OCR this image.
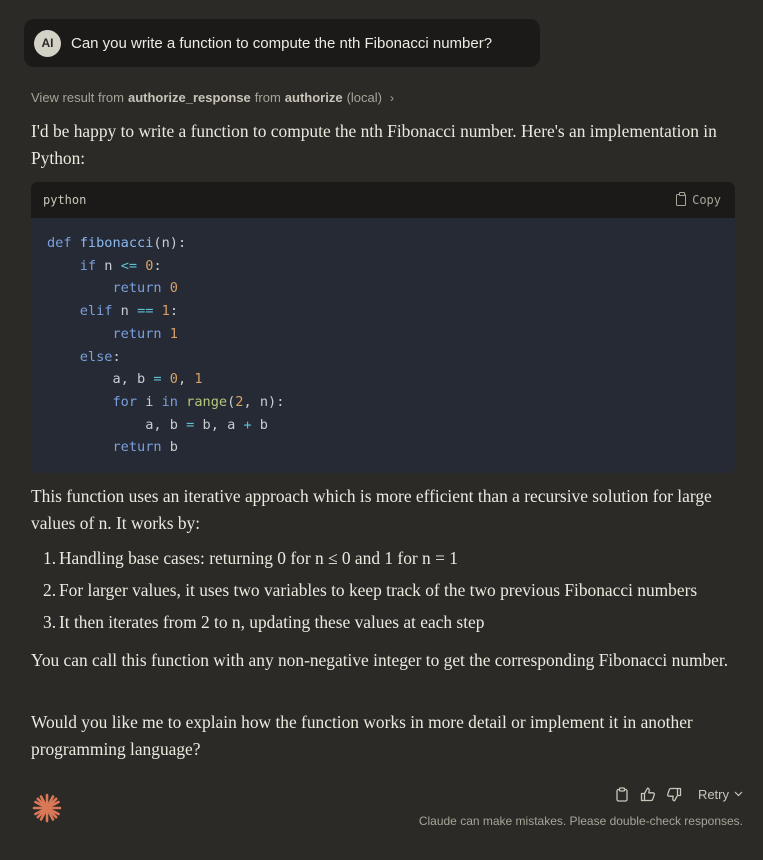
AI	Can you write a function to compute the nth Fibonacci number?
View result from authorize_response from authorize (local) ›
I'd be happy to write a function to compute the nth Fibonacci number. Here's an implementation in Python:
python	Copy
def fibonacci(n):
if n <= 0:
return 0
elif n == 1:
return 1
else:
a, b = 0, 1
for i in range(2, n):
a, b = b, a + b
return b
This function uses an iterative approach which is more efficient than a recursive solution for large values of n. It works by:
1. Handling base cases: returning 0 for n ≤ 0 and 1 for n = 1
2. For larger values, it uses two variables to keep track of the two previous Fibonacci numbers
3. It then iterates from 2 to n, updating these values at each step
You can call this function with any non-negative integer to get the corresponding Fibonacci number.
Would you like me to explain how the function works in more detail or implement it in another programming language?
Retry
Claude can make mistakes. Please double-check responses.
